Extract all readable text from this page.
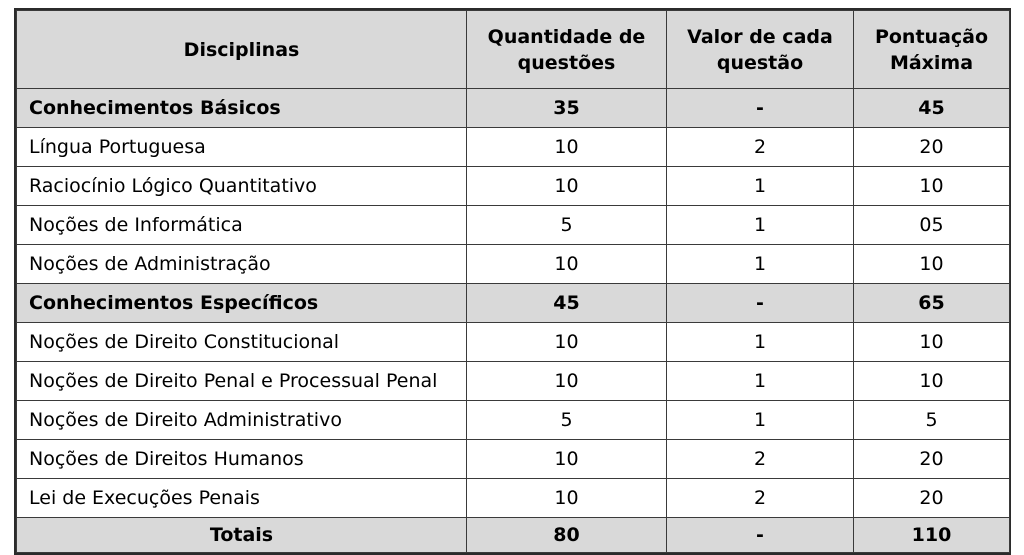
Disciplinas	Quantidade de questões	Valor de cada questão	Pontuação Máxima
Conhecimentos Básicos	35	-	45
Língua Portuguesa	10	2	20
Raciocínio Lógico Quantitativo	10	1	10
Noções de Informática	5	1	05
Noções de Administração	10	1	10
Conhecimentos Específicos	45	-	65
Noções de Direito Constitucional	10	1	10
Noções de Direito Penal e Processual Penal	10	1	10
Noções de Direito Administrativo	5	1	5
Noções de Direitos Humanos	10	2	20
Lei de Execuções Penais	10	2	20
Totais	80	-	110
